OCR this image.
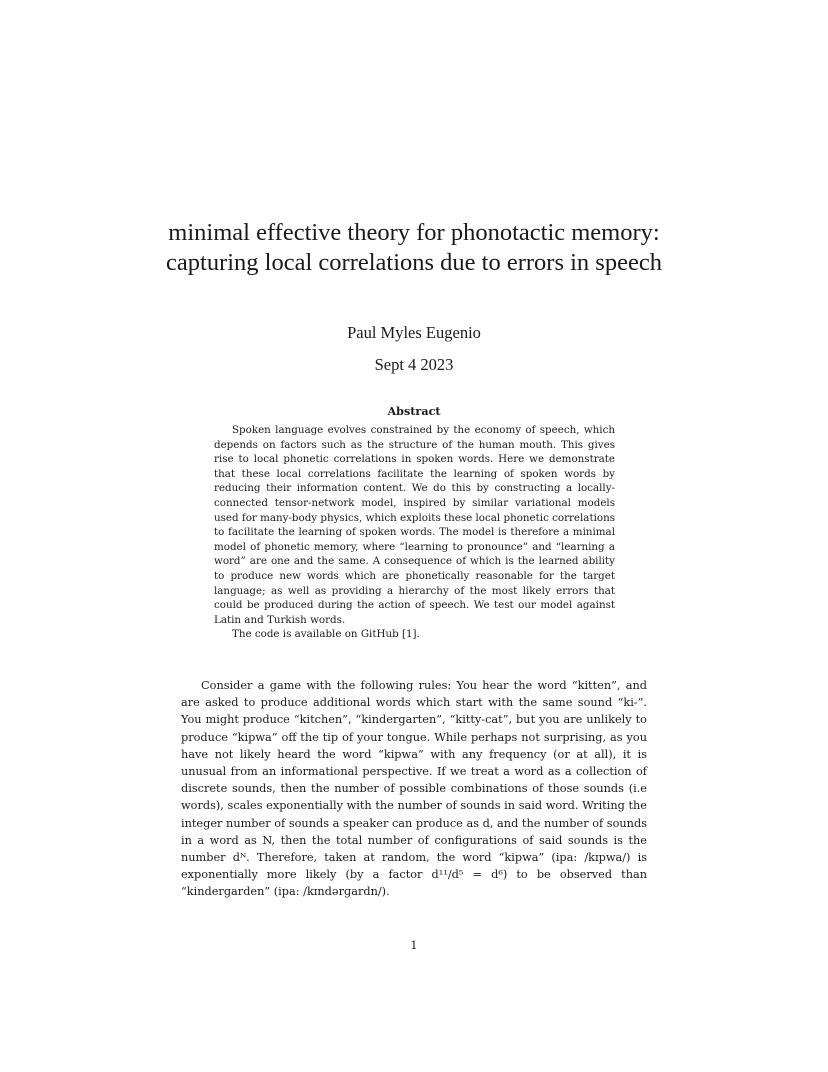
minimal effective theory for phonotactic memory: capturing local correlations due to errors in speech
Paul Myles Eugenio
Sept 4 2023
Abstract

Spoken language evolves constrained by the economy of speech, which depends on factors such as the structure of the human mouth. This gives rise to local phonetic correlations in spoken words. Here we demonstrate that these local correlations facilitate the learning of spoken words by reducing their information content. We do this by constructing a locally-connected tensor-network model, inspired by similar variational models used for many-body physics, which exploits these local phonetic correlations to facilitate the learning of spoken words. The model is therefore a minimal model of phonetic memory, where “learning to pronounce” and “learning a word” are one and the same. A consequence of which is the learned ability to produce new words which are phonetically reasonable for the target language; as well as providing a hierarchy of the most likely errors that could be produced during the action of speech. We test our model against Latin and Turkish words.

The code is available on GitHub [1].

Consider a game with the following rules: You hear the word “kitten”, and are asked to produce additional words which start with the same sound “ki-”. You might produce “kitchen”, “kindergarten”, “kitty-cat”, but you are unlikely to produce “kipwa” off the tip of your tongue. While perhaps not surprising, as you have not likely heard the word “kipwa” with any frequency (or at all), it is unusual from an informational perspective. If we treat a word as a collection of discrete sounds, then the number of possible combinations of those sounds (i.e words), scales exponentially with the number of sounds in said word. Writing the integer number of sounds a speaker can produce as d, and the number of sounds in a word as N, then the total number of configurations of said sounds is the number dᴺ. Therefore, taken at random, the word “kipwa” (ipa: /kɪpwa/) is exponentially more likely (by a factor d¹¹/d⁵ = d⁶) to be observed than “kindergarden” (ipa: /kɪndərɡardn/).

1
